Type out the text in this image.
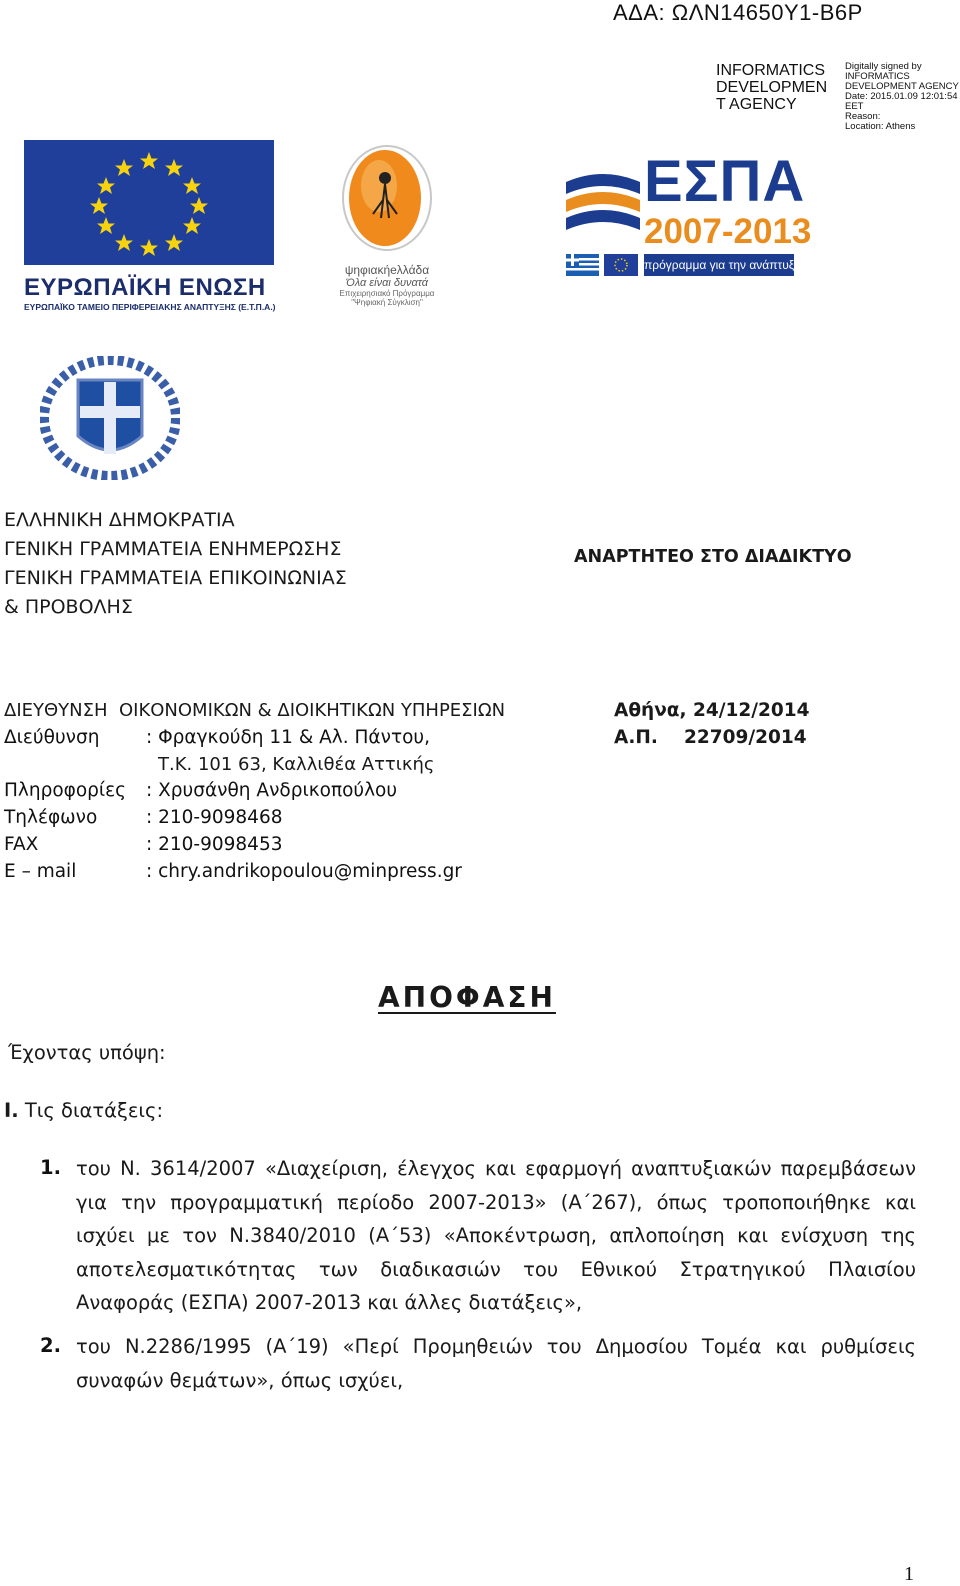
ΑΔΑ: ΩΛΝ14650Υ1-Β6Ρ
INFORMATICS
DEVELOPMEN
T AGENCY
Digitally signed by
INFORMATICS
DEVELOPMENT AGENCY
Date: 2015.01.09 12:01:54
EET
Reason:
Location: Athens
ΕΥΡΩΠΑΪΚΗ ΕΝΩΣΗ
ΕΥΡΩΠΑΪΚΟ ΤΑΜΕΙΟ ΠΕΡΙΦΕΡΕΙΑΚΗΣ ΑΝΑΠΤΥΞΗΣ (Ε.Τ.Π.Α.)
ψηφιακήeλλάδα
Όλα είναι δυνατά
Επιχειρησιακό Πρόγραμμα
"Ψηφιακή Σύγκλιση"
ΕΣΠΑ
2007-2013
πρόγραμμα για την ανάπτυξη
ΕΛΛΗΝΙΚΗ ΔΗΜΟΚΡΑΤΙΑ
ΓΕΝΙΚΗ ΓΡΑΜΜΑΤΕΙΑ ΕΝΗΜΕΡΩΣΗΣ
ΓΕΝΙΚΗ ΓΡΑΜΜΑΤΕΙΑ ΕΠΙΚΟΙΝΩΝΙΑΣ
& ΠΡΟΒΟΛΗΣ
ΑΝΑΡΤΗΤΕΟ ΣΤΟ ΔΙΑΔΙΚΤΥΟ
ΔΙΕΥΘΥΝΣΗ  ΟΙΚΟΝΟΜΙΚΩΝ & ΔΙΟΙΚΗΤΙΚΩΝ ΥΠΗΡΕΣΙΩΝ
Διεύθυνση	: Φραγκούδη 11 & Αλ. Πάντου,
Τ.Κ. 101 63, Καλλιθέα Αττικής
Πληροφορίες : Χρυσάνθη Ανδρικοπούλου
Τηλέφωνο	: 210-9098468
FAX	: 210-9098453
E – mail	: chry.andrikopoulou@minpress.gr
Αθήνα, 24/12/2014
Α.Π. 22709/2014
ΑΠΟΦΑΣΗ
Έχοντας υπόψη:
Ι. Τις διατάξεις:
1. του Ν. 3614/2007 «Διαχείριση, έλεγχος και εφαρμογή αναπτυξιακών παρεμβάσεων για την προγραμματική περίοδο 2007-2013» (Α΄267), όπως τροποποιήθηκε και ισχύει με τον Ν.3840/2010 (Α΄53) «Αποκέντρωση, απλοποίηση και ενίσχυση της αποτελεσματικότητας των διαδικασιών του Εθνικού Στρατηγικού Πλαισίου Αναφοράς (ΕΣΠΑ) 2007-2013 και άλλες διατάξεις»,
2. του Ν.2286/1995 (Α΄19) «Περί Προμηθειών του Δημοσίου Τομέα και ρυθμίσεις συναφών θεμάτων», όπως ισχύει,
1
